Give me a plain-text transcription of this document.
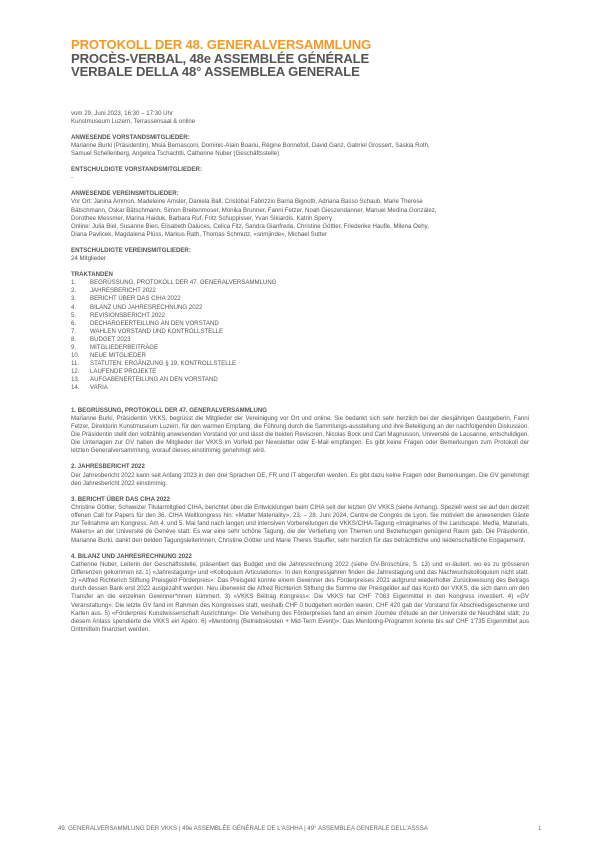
PROTOKOLL DER 48. GENERALVERSAMMLUNG
PROCÈS-VERBAL, 48e ASSEMBLÉE GÉNÉRALE
VERBALE DELLA 48° ASSEMBLEA GENERALE
vom 29. Juni 2023, 16:30 – 17:30 Uhr
Kunstmuseum Luzern, Terrassensaal & online

ANWESENDE VORSTANDSMITGLIEDER:

Marianne Burki (Präsidentin), Misia Bernasconi, Dominic-Alain Boariu, Régine Bonnefoit, David Ganz, Gabriel Grossert, Saskia Roth,

Samuel Schellenberg, Angelica Tschachtli, Catherine Nuber (Geschäftsstelle)

ENTSCHULDIGTE VORSTANDSMITGLIEDER:

-

ANWESENDE VEREINSMITGLIEDER:

Vor Ort: Janina Ammon, Madeleine Amsler, Daniela Ball, Cristóbal Fabrizzio Barria Bignotti, Adriana Basso Schaub, Marie Therese

Bätschmann, Oskar Bätschmann, Simon Breitenmoser, Monika Brunner, Fanni Fetzer, Noah Gieszendanner, Manuel Medina González,

Dorothee Messmer, Marina Haiduk, Barbara Ruf, Fritz Schuppisser, Yvan Sikiardis, Katrin Sperry

Online: Julia Biel, Susanne Bieri, Elisabeth Daluces, Celica Fitz, Sandra Gianfreda, Christine Göttler, Friederike Haufle, Milena Oehy,

Diana Pavlicek, Magdalena Plüss, Markus Rath, Thomas Schmutz, «snmjinde», Michael Sutter

ENTSCHULDIGTE VEREINSMITGLIEDER:

24 Mitglieder

TRAKTANDEN

1. BEGRÜSSUNG, PROTOKOLL DER 47. GENERALVERSAMMLUNG
2. JAHRESBERICHT 2022
3. BERICHT ÜBER DAS CIHA 2022
4. BILANZ UND JAHRESRECHNUNG 2022
5. REVISIONSBERICHT 2022
6. DECHARGEERTEILUNG AN DEN VORSTAND
7. WAHLEN VORSTAND UND KONTROLLSTELLE
8. BUDGET 2023
9. MITGLIEDERBEITRÄGE
10. NEUE MITGLIEDER
11. STATUTEN: ERGÄNZUNG § 19, KONTROLLSTELLE
12. LAUFENDE PROJEKTE
13. AUFGABENERTEILUNG AN DEN VORSTAND
14. VARIA

1. BEGRÜSSUNG, PROTOKOLL DER 47. GENERALVERSAMMLUNG

Marianne Burki, Präsidentin VKKS, begrüsst die Mitglieder der Vereinigung vor Ort und online. Sie bedankt sich sehr herzlich bei der diesjährigen Gastgeberin, Fanni Fetzer, Direktorin Kunstmuseum Luzern, für den warmen Empfang, die Führung durch die Sammlungs-ausstellung und ihre Beteiligung an der nachfolgenden Diskussion. Die Präsidentin stellt den vollzählig anwesenden Vorstand vor und lässt die beiden Revisoren, Nicolas Bock und Carl Magnusson, Université de Lausanne, entschuldigen. Die Unterlagen zur GV haben die Mitglieder der VKKS im Vorfeld per Newsletter oder E-Mail empfangen. Es gibt keine Fragen oder Bemerkungen zum Protokoll der letzten Generalversammlung, worauf dieses einstimmig genehmigt wird.

2. JAHRESBERICHT 2022

Der Jahresbericht 2022 kann seit Anfang 2023 in den drei Sprachen DE, FR und IT abgerufen werden. Es gibt dazu keine Fragen oder Bemerkungen. Die GV genehmigt den Jahresbericht 2022 einstimmig.

3. BERICHT ÜBER DAS CIHA 2022

Christine Göttler, Schweizer Titularmitglied CIHA, berichtet über die Entwicklungen beim CIHA seit der letzten GV VKKS (siehe Anhang). Speziell weist sie auf den derzeit offenen Call for Papers für den 36. CIHA Weltkongress hin: «Matter Materiality», 23. – 28. Juni 2024, Centre de Congrès de Lyon. Sie motiviert die anwesenden Gäste zur Teilnahme am Kongress. Am 4. und 5. Mai fand nach langen und intensiven Vorbereitungen die VKKS/CIHA-Tagung «Imaginaries of the Landscape. Media, Materials, Makers» an der Université de Genève statt. Es war eine sehr schöne Tagung, die der Vertiefung von Themen und Beziehungen genügend Raum gab. Die Präsidentin, Marianne Burki, dankt den beiden Tagungsleiterinnen, Christine Göttler und Marie Theres Stauffer, sehr herzlich für das beträchtliche und leidenschaftliche Engagement.

4. BILANZ UND JAHRESRECHNUNG 2022

Catherine Nuber, Leiterin der Geschäftsstelle, präsentiert das Budget und die Jahresrechnung 2022 (siehe GV-Broschüre, S. 13) und er-läutert, wo es zu grösseren Differenzen gekommen ist. 1) «Jahrestagung» und «Kolloquium Articulations»: In den Kongressjahren finden die Jahrestagung und das Nachwuchskolloquium nicht statt. 2) «Alfred Richterich Stiftung Preisgeld Förderpreis»: Das Preisgeld konnte einem Gewinner des Förderpreises 2021 aufgrund wiederholter Zurückweisung des Betrags durch dessen Bank erst 2022 ausgezahlt werden. Neu überweist die Alfred Richterich Stiftung die Summe der Preisgelder auf das Konto der VKKS, die sich dann um den Transfer an die einzelnen Gewinner*innen kümmert. 3) «VKKS Beitrag Kongress»: Die VKKS hat CHF 7'063 Eigenmittel in den Kongress investiert. 4) «GV Veranstaltung»: Die letzte GV fand im Rahmen des Kongresses statt, weshalb CHF 0 budgetiert worden waren; CHF 420 gab der Vorstand für Abschiedsgeschenke und Karten aus. 5) «Förderpreis Kunstwissenschaft Ausrichtung»: Die Verleihung des Förderpreises fand an einem Journée d'étude an der Université de Neuchâtel statt; zu diesem Anlass spendierte die VKKS ein Apéro. 6) «Mentoring (Betriebskosten + Mid-Term Event)»: Das Mentoring-Programm konnte bis auf CHF 1'735 Eigenmittel aus Drittmitteln finanziert werden.

49. GENERALVERSAMMLUNG DER VKKS | 49e ASSEMBLÉE GÉNÉRALE DE L'ASHHA | 49° ASSEMBLEA GENERALE DELL'ASSSA	1
